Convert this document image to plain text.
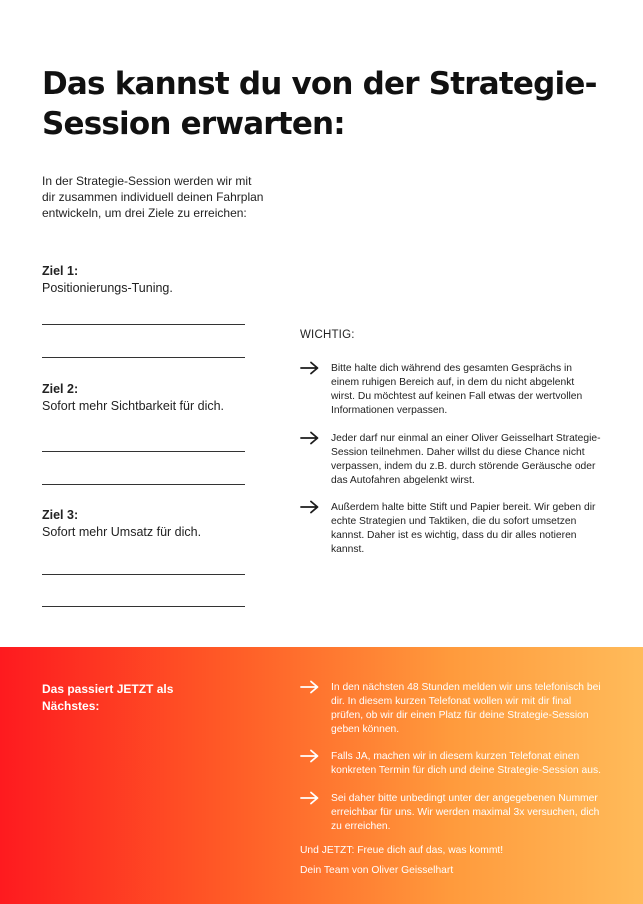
Das kannst du von der Strategie-Session erwarten:

In der Strategie-Session werden wir mit dir zusammen individuell deinen Fahrplan entwickeln, um drei Ziele zu erreichen:

Ziel 1:
Positionierungs-Tuning.
Ziel 2:
Sofort mehr Sichtbarkeit für dich.
Ziel 3:
Sofort mehr Umsatz für dich.
WICHTIG:

Bitte halte dich während des gesamten Gesprächs in einem ruhigen Bereich auf, in dem du nicht abgelenkt wirst. Du möchtest auf keinen Fall etwas der wertvollen Informationen verpassen.

Jeder darf nur einmal an einer Oliver Geisselhart Strategie-Session teilnehmen. Daher willst du diese Chance nicht verpassen, indem du z.B. durch störende Geräusche oder das Autofahren abgelenkt wirst.

Außerdem halte bitte Stift und Papier bereit. Wir geben dir echte Strategien und Taktiken, die du sofort umsetzen kannst. Daher ist es wichtig, dass du dir alles notieren kannst.

Das passiert JETZT als Nächstes:

In den nächsten 48 Stunden melden wir uns telefonisch bei dir. In diesem kurzen Telefonat wollen wir mit dir final prüfen, ob wir dir einen Platz für deine Strategie-Session geben können.

Falls JA, machen wir in diesem kurzen Telefonat einen konkreten Termin für dich und deine Strategie-Session aus.

Sei daher bitte unbedingt unter der angegebenen Nummer erreichbar für uns. Wir werden maximal 3x versuchen, dich zu erreichen.

Und JETZT: Freue dich auf das, was kommt!
Dein Team von Oliver Geisselhart
